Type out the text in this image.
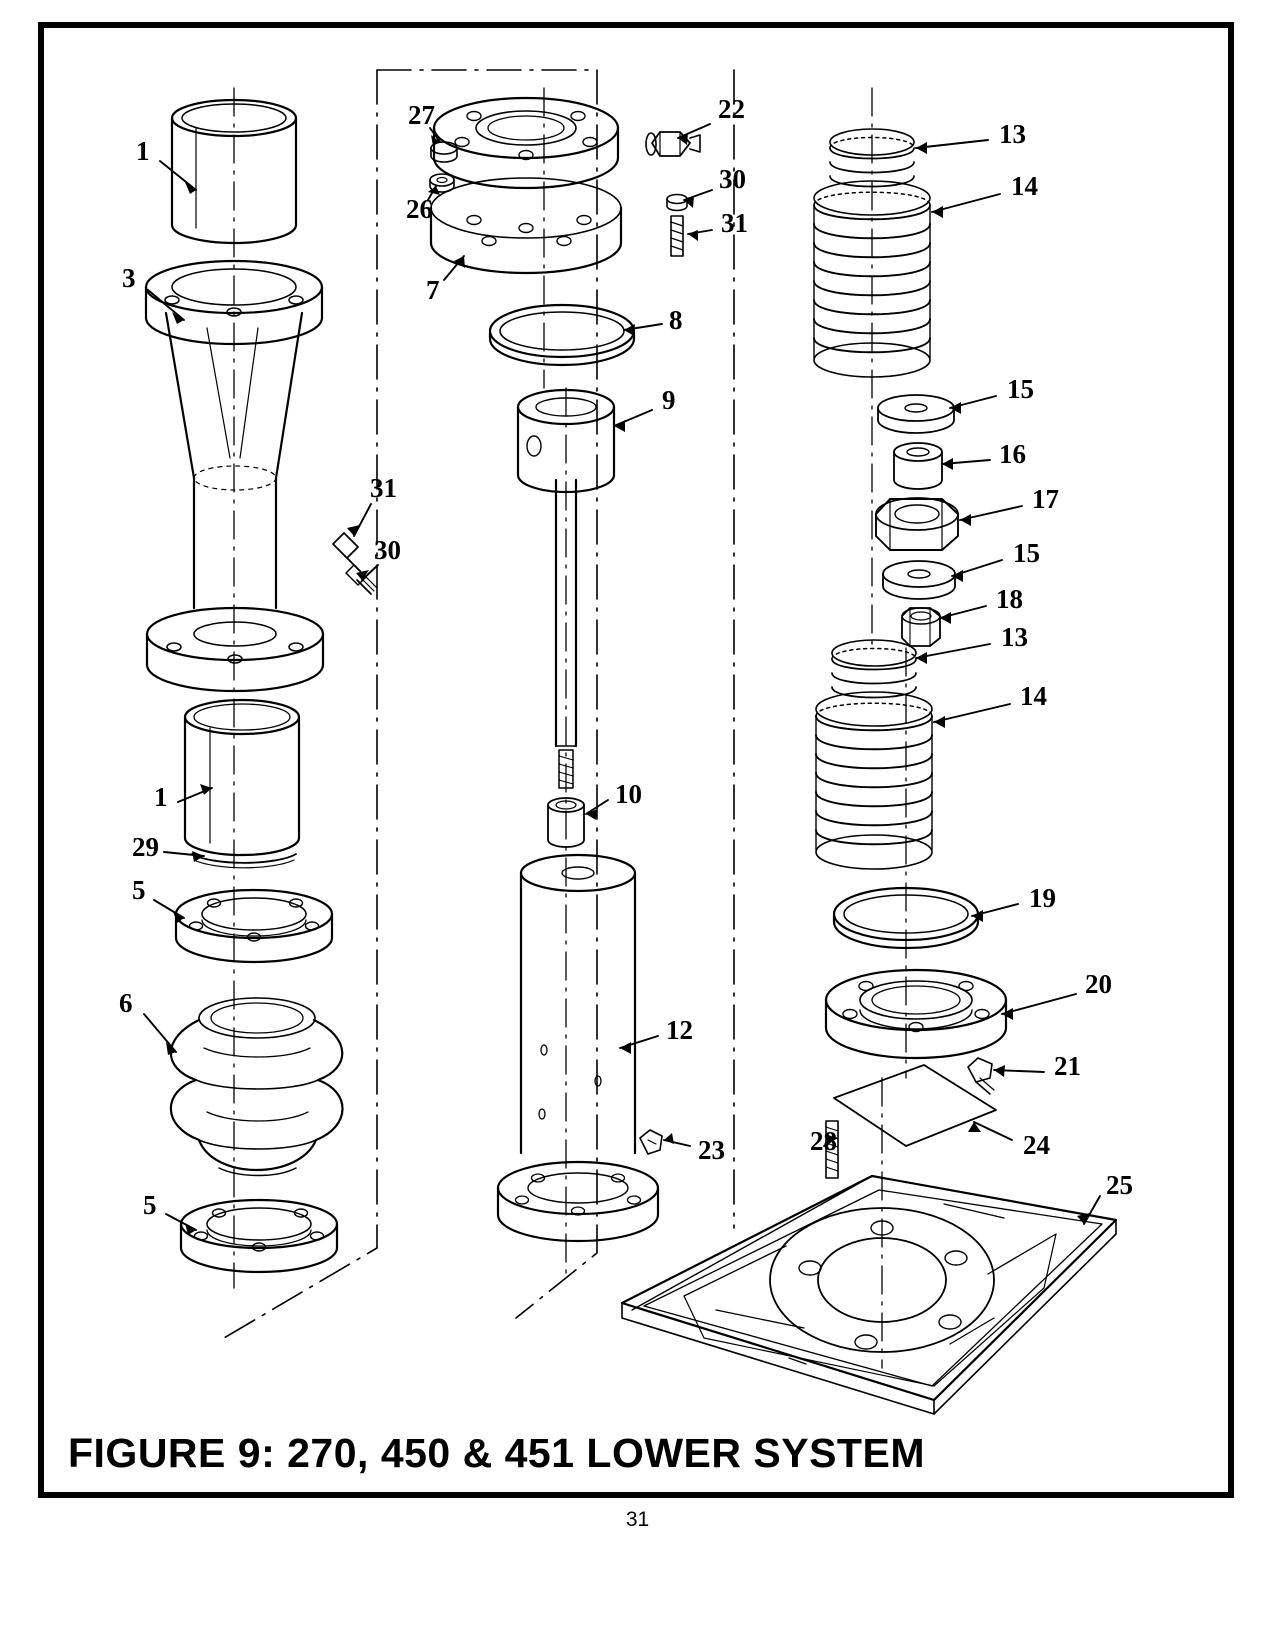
1
3
31
30
1
29
5
6
5
27
26
7
22
30
31
8
9
10
12
23
13
14
15
16
17
15
18
13
14
19
20
21
24
28
25
FIGURE 9: 270, 450 & 451 LOWER SYSTEM
31
